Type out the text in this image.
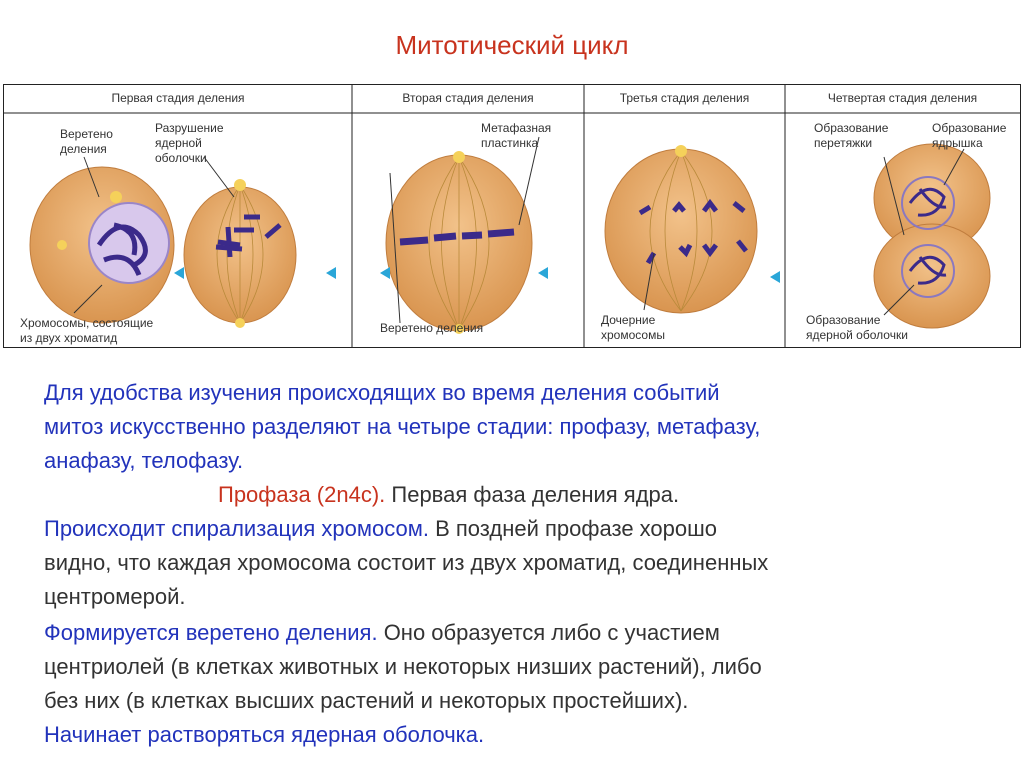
Митотический цикл
Первая стадия деления	Вторая стадия деления	Третья стадия деления	Четвертая стадия деления
Веретено
деления
Разрушение
ядерной
оболочки
Хромосомы, состоящие
из двух хроматид
Метафазная
пластинка
Веретено деления
Дочерние
хромосомы
Образование
перетяжки
Образование
ядрышка
Образование
ядерной оболочки
Для удобства изучения происходящих во время деления событий
митоз искусственно разделяют на четыре стадии: профазу, метафазу,
анафазу, телофазу.
Профаза (2n4c). Первая фаза деления ядра.
Происходит спирализация хромосом. В поздней профазе хорошо
видно, что каждая хромосома состоит из двух хроматид, соединенных
центромерой.
Формируется веретено деления. Оно образуется либо с участием
центриолей (в клетках животных и некоторых низших растений), либо
без них (в клетках высших растений и некоторых простейших).
Начинает растворяться ядерная оболочка.
